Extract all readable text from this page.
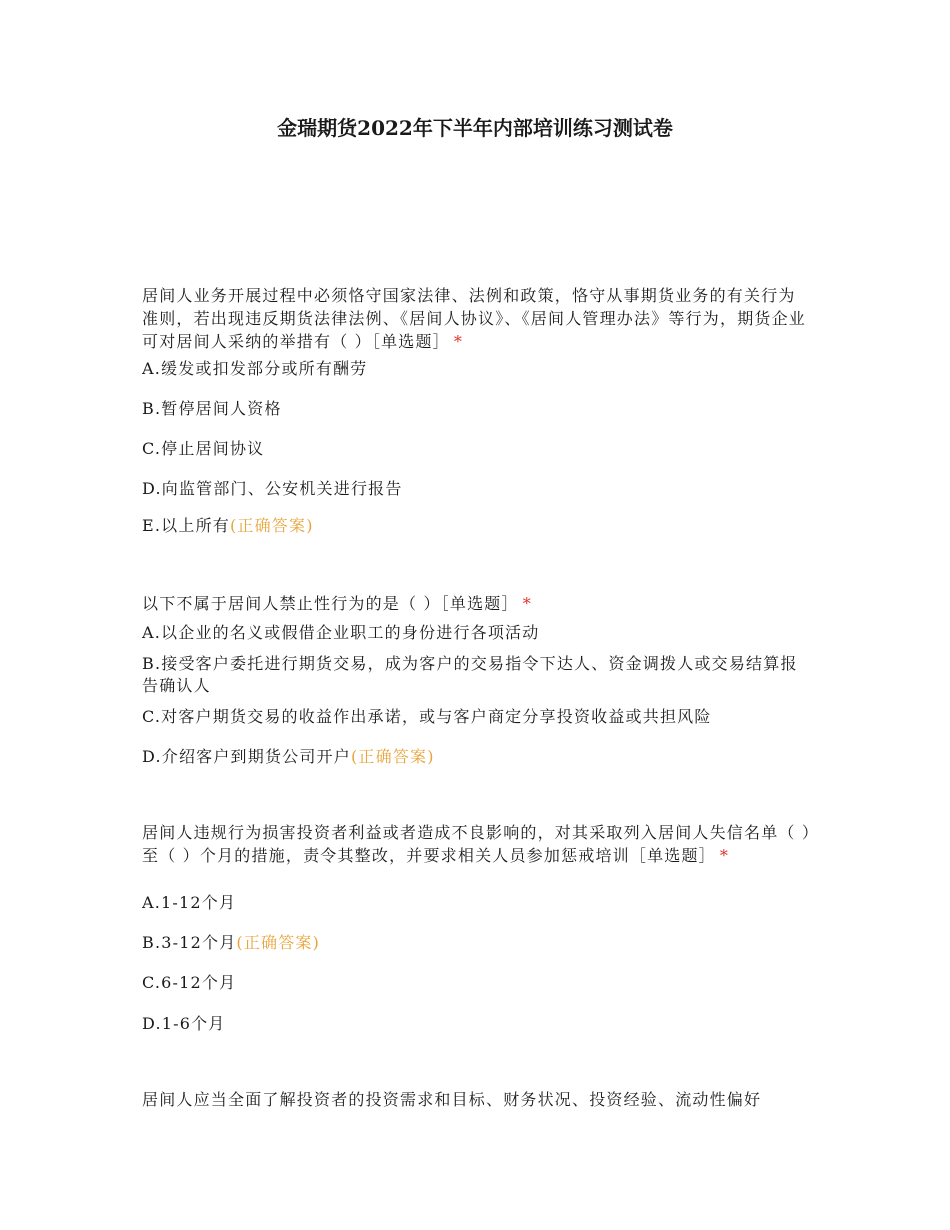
金瑞期货2022年下半年内部培训练习测试卷
居间人业务开展过程中必须恪守国家法律、法例和政策，恪守从事期货业务的有关行为准则，若出现违反期货法律法例、《居间人协议》、《居间人管理办法》等行为，期货企业可对居间人采纳的举措有（ ）［单选题］ *
A.缓发或扣发部分或所有酬劳
B.暂停居间人资格
C.停止居间协议
D.向监管部门、公安机关进行报告
E.以上所有(正确答案)
以下不属于居间人禁止性行为的是（ ）［单选题］ *
A.以企业的名义或假借企业职工的身份进行各项活动
B.接受客户委托进行期货交易，成为客户的交易指令下达人、资金调拨人或交易结算报告确认人
C.对客户期货交易的收益作出承诺，或与客户商定分享投资收益或共担风险
D.介绍客户到期货公司开户(正确答案)
居间人违规行为损害投资者利益或者造成不良影响的，对其采取列入居间人失信名单（ ）至（ ）个月的措施，责令其整改，并要求相关人员参加惩戒培训［单选题］ *
A.1-12个月
B.3-12个月(正确答案)
C.6-12个月
D.1-6个月
居间人应当全面了解投资者的投资需求和目标、财务状况、投资经验、流动性偏好
